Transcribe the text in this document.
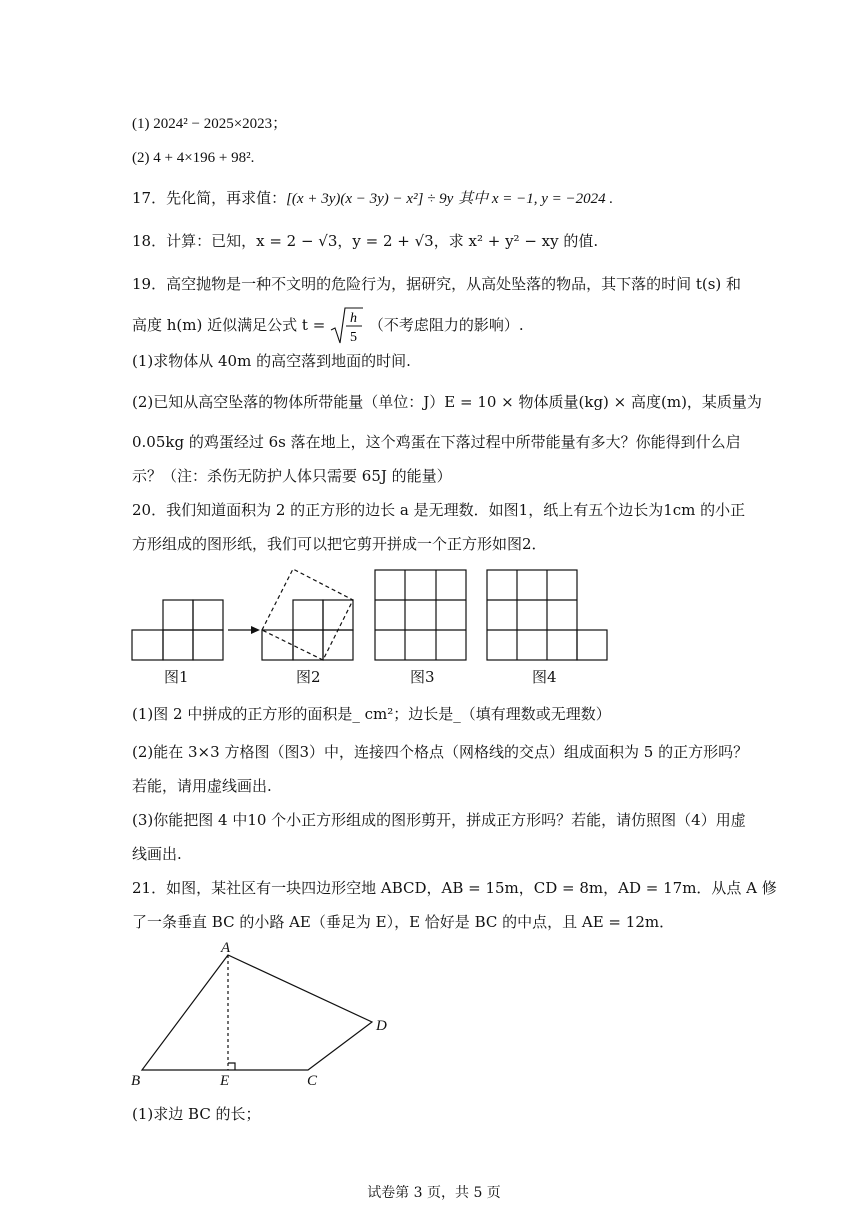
(1) 2024² − 2025×2023；
(2) 4 + 4×196 + 98².
17．先化简，再求值：[(x + 3y)(x − 3y) − x²] ÷ 9y 其中 x = −1, y = −2024 .
18．计算：已知，x = 2 − √3，y = 2 + √3，求 x² + y² − xy 的值.
19．高空抛物是一种不文明的危险行为，据研究，从高处坠落的物品，其下落的时间 t(s) 和
高度 h(m) 近似满足公式 t = h
5
（不考虑阻力的影响）.
(1)求物体从 40m 的高空落到地面的时间.
(2)已知从高空坠落的物体所带能量（单位：J）E = 10 × 物体质量(kg) × 高度(m)，某质量为
0.05kg 的鸡蛋经过 6s 落在地上，这个鸡蛋在下落过程中所带能量有多大？你能得到什么启
示？（注：杀伤无防护人体只需要 65J 的能量）
20．我们知道面积为 2 的正方形的边长 a 是无理数．如图1，纸上有五个边长为1cm 的小正
方形组成的图形纸，我们可以把它剪开拼成一个正方形如图2．
图1	图2	图3	图4
(1)图 2 中拼成的正方形的面积是_ cm²；边长是_（填有理数或无理数）
(2)能在 3×3 方格图（图3）中，连接四个格点（网格线的交点）组成面积为 5 的正方形吗？
若能，请用虚线画出.
(3)你能把图 4 中10 个小正方形组成的图形剪开，拼成正方形吗？若能，请仿照图（4）用虚
线画出.
21．如图，某社区有一块四边形空地 ABCD，AB = 15m，CD = 8m，AD = 17m．从点 A 修
了一条垂直 BC 的小路 AE（垂足为 E），E 恰好是 BC 的中点，且 AE = 12m．
A
B	E	C
D
(1)求边 BC 的长；
试卷第 3 页，共 5 页
